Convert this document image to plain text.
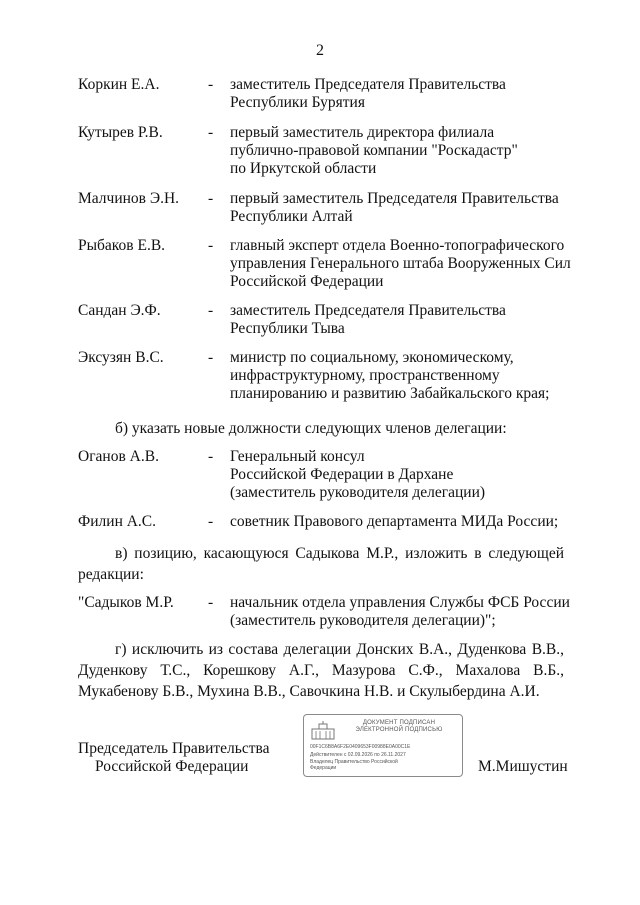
2
Коркин Е.А.	- заместитель Председателя Правительства
Республики Бурятия
Кутырев Р.В.	- первый заместитель директора филиала
публично-правовой компании "Роскадастр"
по Иркутской области
Малчинов Э.Н. - первый заместитель Председателя Правительства
Республики Алтай
Рыбаков Е.В.	- главный эксперт отдела Военно-топографического
управления Генерального штаба Вооруженных Сил
Российской Федерации
Сандан Э.Ф.	- заместитель Председателя Правительства
Республики Тыва
Эксузян В.С.	- министр по социальному, экономическому,
инфраструктурному, пространственному
планированию и развитию Забайкальского края;
б) указать новые должности следующих членов делегации:
Оганов А.В.	- Генеральный консул
Российской Федерации в Дархане
(заместитель руководителя делегации)
Филин А.С.	- советник Правового департамента МИДа России;
в) позицию, касающуюся Садыкова М.Р., изложить в следующей
редакции:
"Садыков М.Р. - начальник отдела управления Службы ФСБ России
(заместитель руководителя делегации)";
г) исключить из состава делегации Донских В.А., Дуденкова В.В.,
Дуденкову Т.С., Корешкову А.Г., Мазурова С.Ф., Махалова В.Б.,
Мукабенову Б.В., Мухина В.В., Савочкина Н.В. и Скулыбердина А.И.
ДОКУМЕНТ ПОДПИСАН
ЭЛЕКТРОННОЙ ПОДПИСЬЮ
00F1C6B8A6F2E0409653F00988E0A00C1E
Действителен с 02.09.2026 по 26.11.2027
Владелец Правительство Российской
Федерации
Председатель Правительства
Российской Федерации	М.Мишустин
